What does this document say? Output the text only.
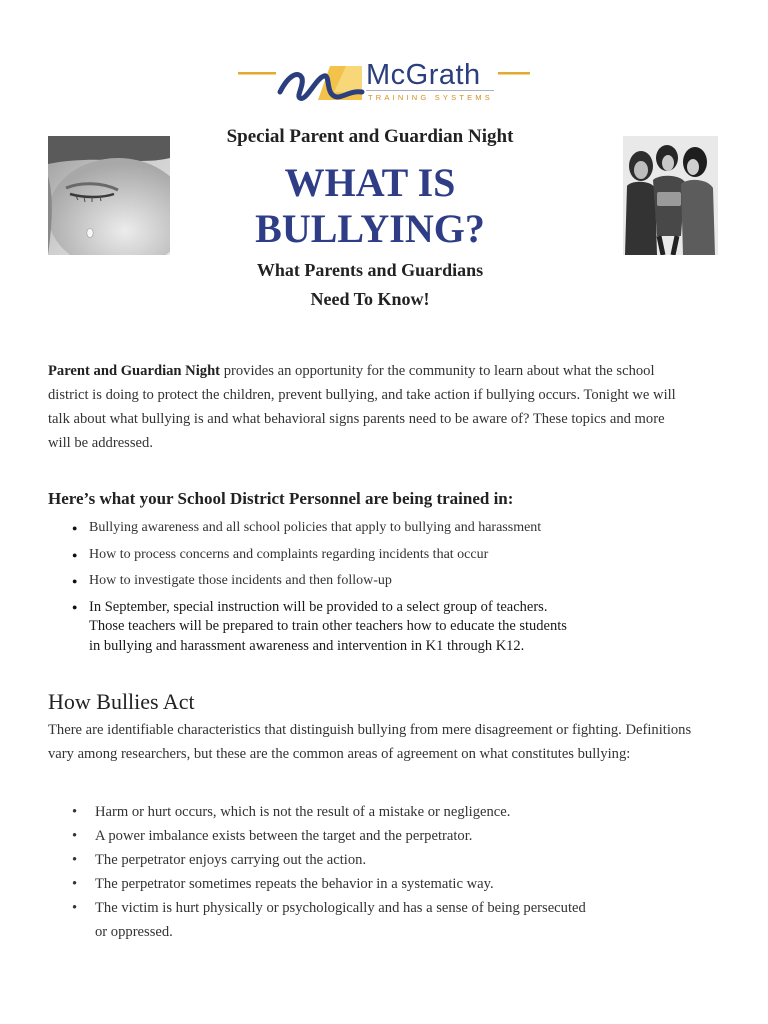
McGrath
TRAINING SYSTEMS
Special Parent and Guardian Night
WHAT IS
BULLYING?
What Parents and Guardians
Need To Know!

Parent and Guardian Night provides an opportunity for the community to learn about what the school district is doing to protect the children, prevent bullying, and take action if bullying occurs. Tonight we will talk about what bullying is and what behavioral signs parents need to be aware of? These topics and more will be addressed.

Here’s what your School District Personnel are being trained in:
● Bullying awareness and all school policies that apply to bullying and harassment
● How to process concerns and complaints regarding incidents that occur
● How to investigate those incidents and then follow-up
● In September, special instruction will be provided to a select group of teachers.
Those teachers will be prepared to train other teachers how to educate the students
in bullying and harassment awareness and intervention in K1 through K12.
How Bullies Act

There are identifiable characteristics that distinguish bullying from mere disagreement or fighting. Definitions vary among researchers, but these are the common areas of agreement on what constitutes bullying:

• Harm or hurt occurs, which is not the result of a mistake or negligence.
• A power imbalance exists between the target and the perpetrator.
• The perpetrator enjoys carrying out the action.
• The perpetrator sometimes repeats the behavior in a systematic way.
• The victim is hurt physically or psychologically and has a sense of being persecuted
or oppressed.
